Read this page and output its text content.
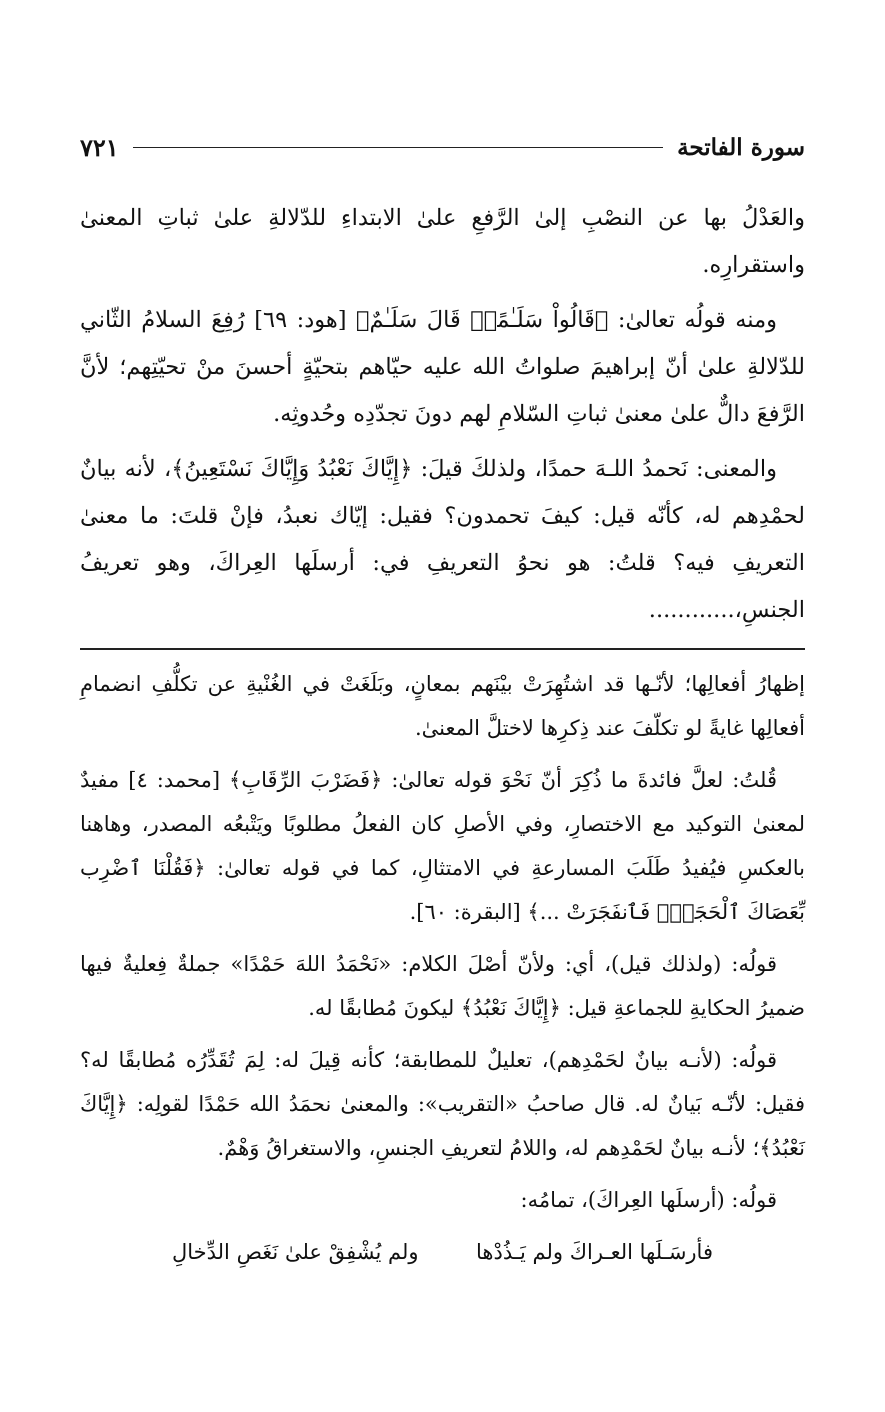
سورة الفاتحة
٧٢١

والعَدْلُ بها عن النصْبِ إلىٰ الرَّفعِ علىٰ الابتداءِ للدّلالةِ علىٰ ثباتِ المعنىٰ واستقرارِه.

ومنه قولُه تعالىٰ: ﴿قَالُواْ سَلَـٰمًاۖ قَالَ سَلَـٰمٌ﴾ [هود: ٦٩] رُفِعَ السلامُ الثّاني للدّلالةِ علىٰ أنّ إبراهيمَ صلواتُ الله عليه حيّاهم بتحيّةٍ أحسنَ منْ تحيّتِهم؛ لأنَّ الرَّفعَ دالٌّ علىٰ معنىٰ ثباتِ السّلامِ لهم دونَ تجدّدِه وحُدوثِه.

والمعنى: نَحمدُ اللـهَ حمدًا، ولذلكَ قيلَ: ﴿إِيَّاكَ نَعْبُدُ وَإِيَّاكَ نَسْتَعِينُ﴾، لأنه بيانٌ لحمْدِهم له، كأنّه قيل: كيفَ تحمدون؟ فقيل: إيّاك نعبدُ، فإنْ قلتَ: ما معنىٰ التعريفِ فيه؟ قلتُ: هو نحوُ التعريفِ في: أرسلَها العِراكَ، وهو تعريفُ الجنسِ،............

إظهارُ أفعالِها؛ لأنّـها قد اشتُهِرَتْ بيْنَهم بمعانٍ، وبَلَغَتْ في الغُنْيةِ عن تكلُّفِ انضمامِ أفعالِها غايةً لو تكلّفَ عند ذِكرِها لاختلَّ المعنىٰ.

قُلتُ: لعلَّ فائدةَ ما ذُكِرَ أنّ نَحْوَ قوله تعالىٰ: ﴿فَضَرْبَ الرِّقَابِ﴾ [محمد: ٤] مفيدٌ لمعنىٰ التوكيد مع الاختصارِ، وفي الأصلِ كان الفعلُ مطلوبًا ويَتْبعُه المصدر، وهاهنا بالعكسِ فيُفيدُ طَلَبَ المسارعةِ في الامتثالِ، كما في قوله تعالىٰ: ﴿فَقُلْنَا ٱضْرِب بِّعَصَاكَ ٱلْحَجَرَۖ فَٱنفَجَرَتْ ...﴾ [البقرة: ٦٠].

قولُه: (ولذلك قيل)، أي: ولأنّ أصْلَ الكلام: «نَحْمَدُ اللهَ حَمْدًا» جملةٌ فِعليةٌ فيها ضميرُ الحكايةِ للجماعةِ قيل: ﴿إِيَّاكَ نَعْبُدُ﴾ ليكونَ مُطابقًا له.

قولُه: (لأنـه بيانٌ لحَمْدِهم)، تعليلٌ للمطابقة؛ كأنه قِيلَ له: لِمَ تُقَدِّرُه مُطابقًا له؟ فقيل: لأنّـه بَيانٌ له. قال صاحبُ «التقريب»: والمعنىٰ نحمَدُ الله حَمْدًا لقولِه: ﴿إِيَّاكَ نَعْبُدُ﴾؛ لأنـه بيانٌ لحَمْدِهم له، واللامُ لتعريفِ الجنسِ، والاستغراقُ وَهْمٌ.

قولُه: (أرسلَها العِراكَ)، تمامُه:

فأرسَـلَها العـراكَ ولم يَـذُدْها
ولم يُشْفِقْ علىٰ نَغَصِ الدِّخالِ
